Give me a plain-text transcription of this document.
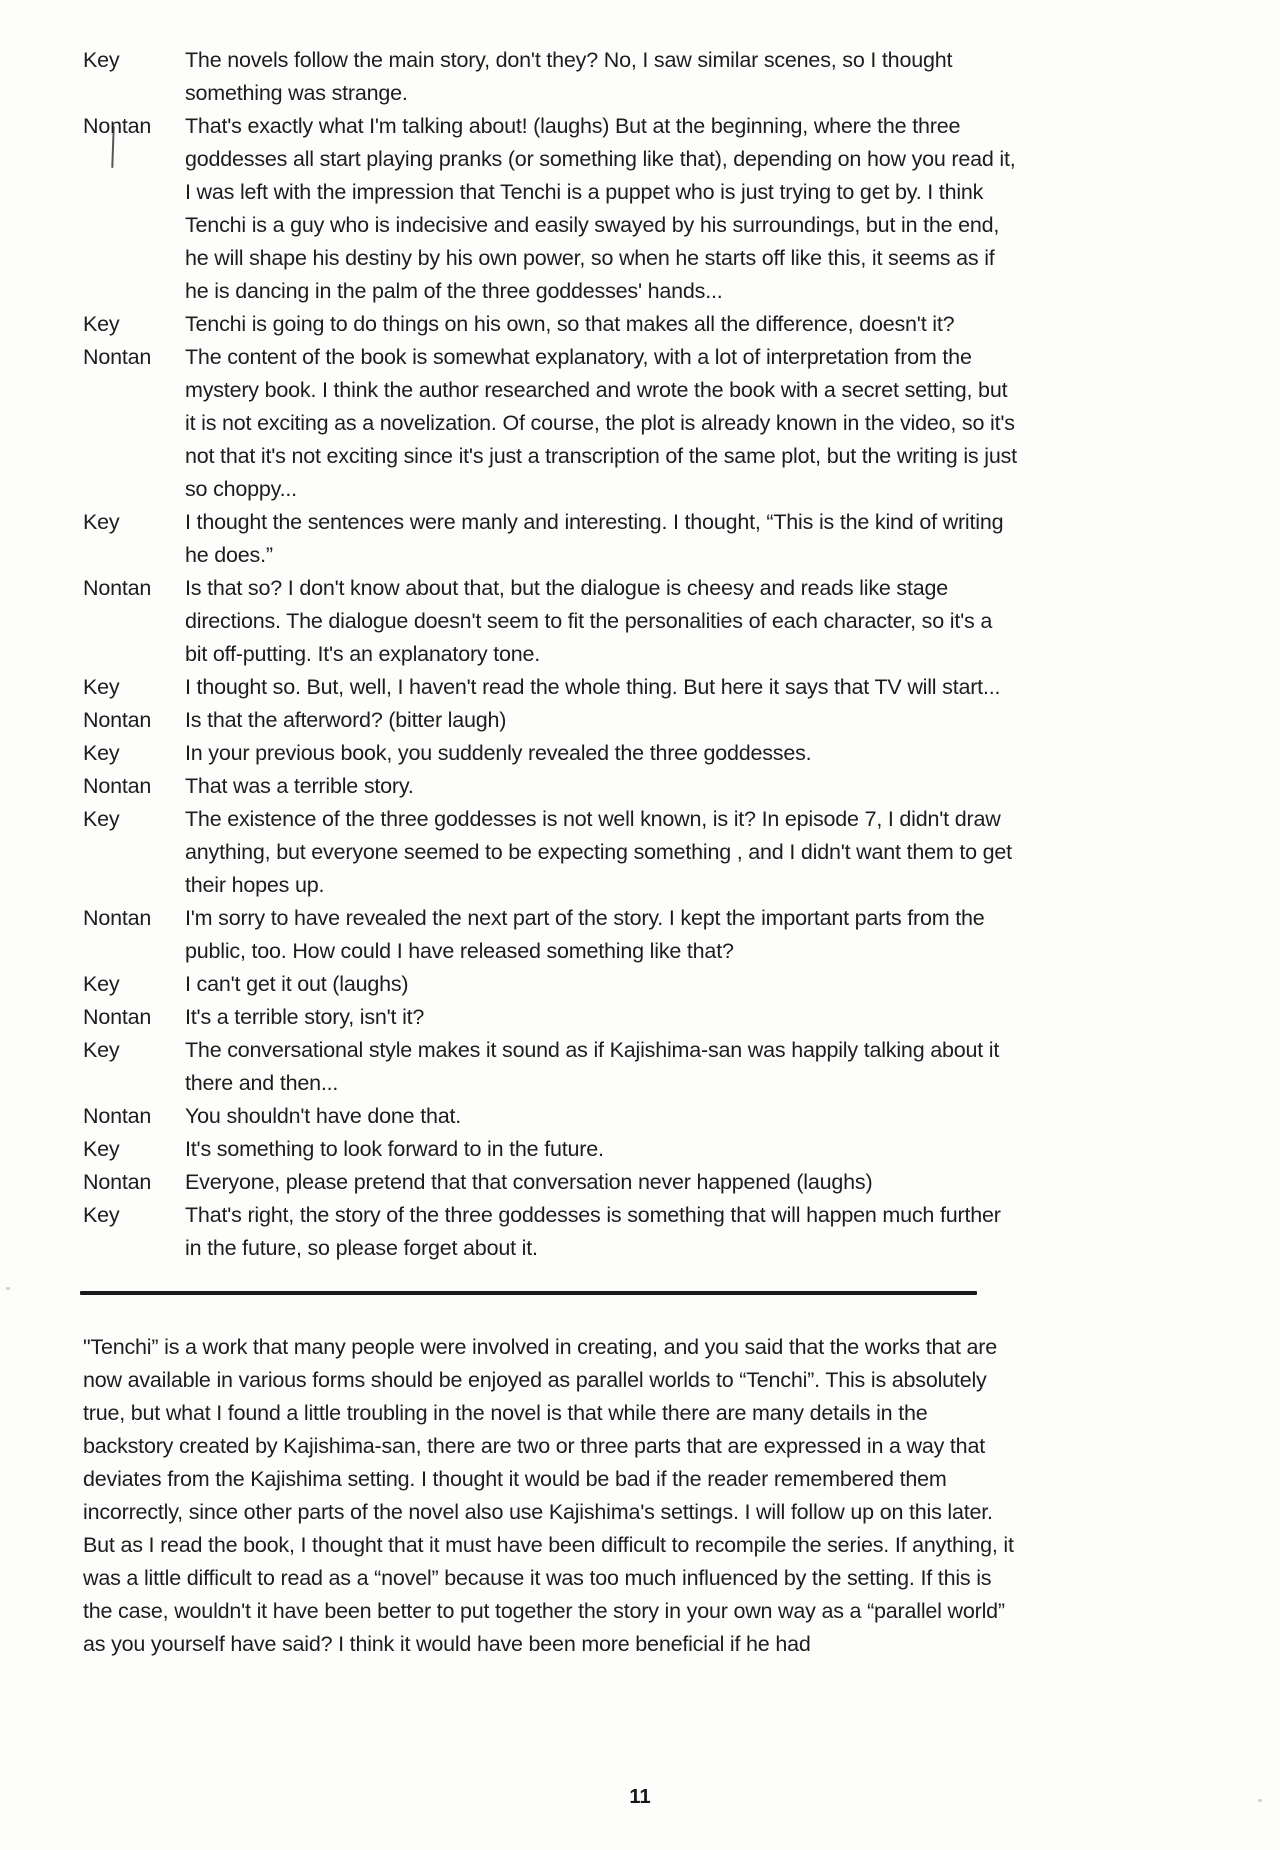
Key	The novels follow the main story, don't they? No, I saw similar scenes, so I thought something was strange.
Nontan	That's exactly what I'm talking about! (laughs) But at the beginning, where the three goddesses all start playing pranks (or something like that), depending on how you read it, I was left with the impression that Tenchi is a puppet who is just trying to get by. I think Tenchi is a guy who is indecisive and easily swayed by his surroundings, but in the end, he will shape his destiny by his own power, so when he starts off like this, it seems as if he is dancing in the palm of the three goddesses' hands...
Key	Tenchi is going to do things on his own, so that makes all the difference, doesn't it?
Nontan	The content of the book is somewhat explanatory, with a lot of interpretation from the mystery book. I think the author researched and wrote the book with a secret setting, but it is not exciting as a novelization. Of course, the plot is already known in the video, so it's not that it's not exciting since it's just a transcription of the same plot, but the writing is just so choppy...
Key	I thought the sentences were manly and interesting. I thought, “This is the kind of writing he does.”
Nontan	Is that so? I don't know about that, but the dialogue is cheesy and reads like stage directions. The dialogue doesn't seem to fit the personalities of each character, so it's a bit off-putting. It's an explanatory tone.
Key	I thought so. But, well, I haven't read the whole thing. But here it says that TV will start...
Nontan	Is that the afterword? (bitter laugh)
Key	In your previous book, you suddenly revealed the three goddesses.
Nontan	That was a terrible story.
Key	The existence of the three goddesses is not well known, is it? In episode 7, I didn't draw anything, but everyone seemed to be expecting something , and I didn't want them to get their hopes up.
Nontan	I'm sorry to have revealed the next part of the story. I kept the important parts from the public, too. How could I have released something like that?
Key	I can't get it out (laughs)
Nontan	It's a terrible story, isn't it?
Key	The conversational style makes it sound as if Kajishima-san was happily talking about it there and then...
Nontan	You shouldn't have done that.
Key	It's something to look forward to in the future.
Nontan	Everyone, please pretend that that conversation never happened (laughs)
Key	That's right, the story of the three goddesses is something that will happen much further in the future, so please forget about it.
"Tenchi” is a work that many people were involved in creating, and you said that the works that are now available in various forms should be enjoyed as parallel worlds to “Tenchi”. This is absolutely true, but what I found a little troubling in the novel is that while there are many details in the backstory created by Kajishima-san, there are two or three parts that are expressed in a way that deviates from the Kajishima setting. I thought it would be bad if the reader remembered them incorrectly, since other parts of the novel also use Kajishima's settings. I will follow up on this later. But as I read the book, I thought that it must have been difficult to recompile the series. If anything, it was a little difficult to read as a “novel” because it was too much influenced by the setting. If this is the case, wouldn't it have been better to put together the story in your own way as a “parallel world” as you yourself have said? I think it would have been more beneficial if he had
11
